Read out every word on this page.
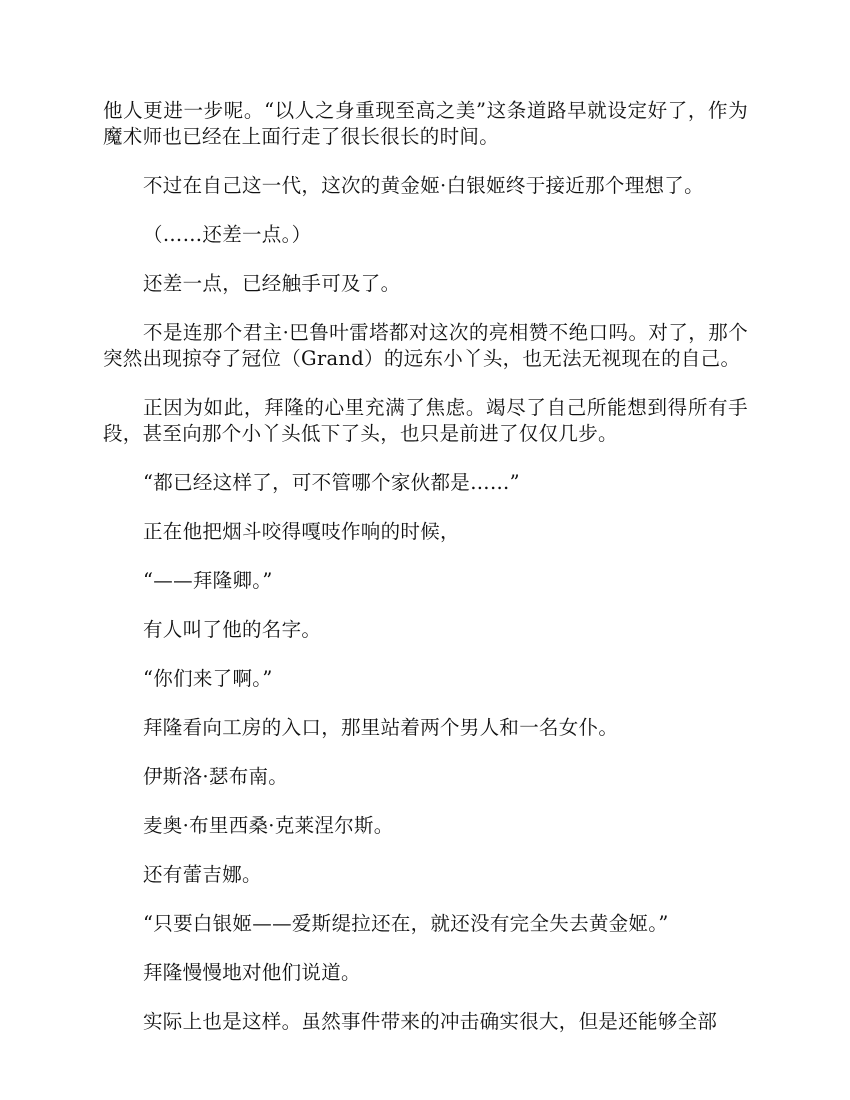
他人更进一步呢。“以人之身重现至高之美”这条道路早就设定好了，作为魔术师也已经在上面行走了很长很长的时间。

不过在自己这一代，这次的黄金姬·白银姬终于接近那个理想了。

（……还差一点。）

还差一点，已经触手可及了。

不是连那个君主·巴鲁叶雷塔都对这次的亮相赞不绝口吗。对了，那个突然出现掠夺了冠位（Grand）的远东小丫头，也无法无视现在的自己。

正因为如此，拜隆的心里充满了焦虑。竭尽了自己所能想到得所有手段，甚至向那个小丫头低下了头，也只是前进了仅仅几步。

“都已经这样了，可不管哪个家伙都是……”

正在他把烟斗咬得嘎吱作响的时候，

“——拜隆卿。”

有人叫了他的名字。

“你们来了啊。”

拜隆看向工房的入口，那里站着两个男人和一名女仆。

伊斯洛·瑟布南。

麦奥·布里西桑·克莱涅尔斯。

还有蕾吉娜。

“只要白银姬——爱斯缇拉还在，就还没有完全失去黄金姬。”

拜隆慢慢地对他们说道。

实际上也是这样。虽然事件带来的冲击确实很大，但是还能够全部
